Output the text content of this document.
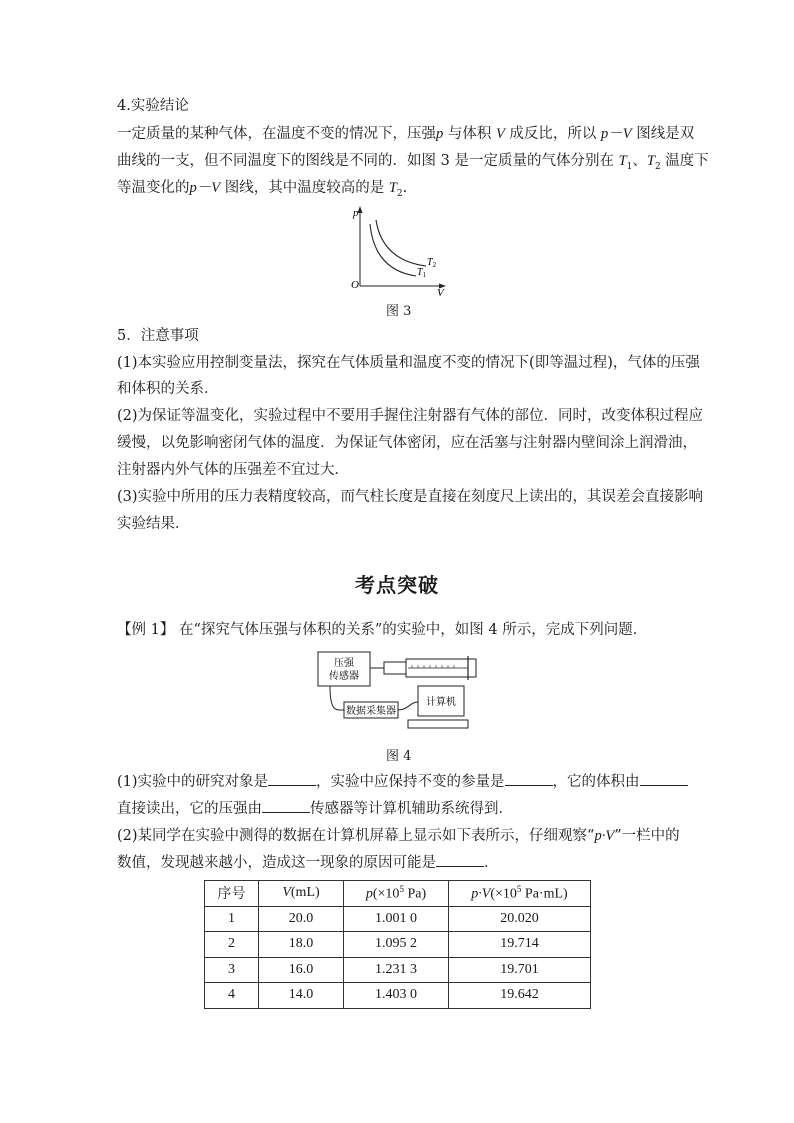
4.实验结论
一定质量的某种气体，在温度不变的情况下，压强p 与体积 V 成反比，所以 p－V 图线是双
曲线的一支，但不同温度下的图线是不同的．如图 3 是一定质量的气体分别在 $T_1$、$T_2$ 温度下
等温变化的p－V 图线，其中温度较高的是 $T_2$.
p
V
O
$T_1$
$T_2$
图 3
5．注意事项
(1)本实验应用控制变量法，探究在气体质量和温度不变的情况下(即等温过程)，气体的压强
和体积的关系．
(2)为保证等温变化，实验过程中不要用手握住注射器有气体的部位．同时，改变体积过程应
缓慢，以免影响密闭气体的温度．为保证气体密闭，应在活塞与注射器内壁间涂上润滑油，
注射器内外气体的压强差不宜过大．
(3)实验中所用的压力表精度较高，而气柱长度是直接在刻度尺上读出的，其误差会直接影响
实验结果．
考点突破
【例 1】 在“探究气体压强与体积的关系”的实验中，如图 4 所示，完成下列问题．
压强
传感器
数据采集器
计算机
图 4
(1)实验中的研究对象是	，实验中应保持不变的参量是	，它的体积由
直接读出，它的压强由	传感器等计算机辅助系统得到．
(2)某同学在实验中测得的数据在计算机屏幕上显示如下表所示，仔细观察“p·V”一栏中的
数值，发现越来越小，造成这一现象的原因可能是	．
序号	V(mL)	$p(\times 10^5$ Pa)	$p\cdot V(\times 10^5$ Pa·mL)
1	20.0	1.001 0	20.020
2	18.0	1.095 2	19.714
3	16.0	1.231 3	19.701
4	14.0	1.403 0	19.642
